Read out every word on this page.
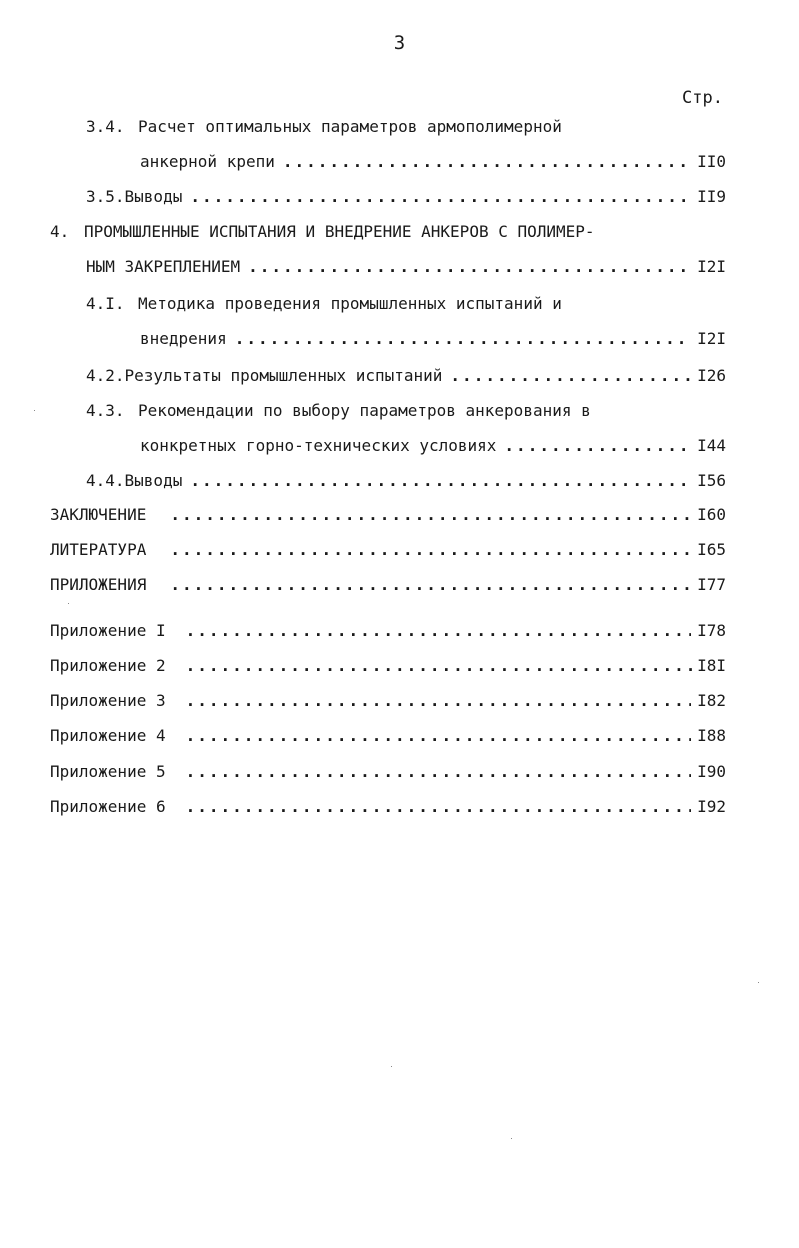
3
Стр.
3.4. Расчет оптимальных параметров армополимерной
анкерной крепи .....	II0
3.5. Выводы .....	II9
4. ПРОМЫШЛЕННЫЕ ИСПЫТАНИЯ И ВНЕДРЕНИЕ АНКЕРОВ С ПОЛИМЕР-
НЫМ ЗАКРЕПЛЕНИЕМ .....	I2I
4.I. Методика проведения промышленных испытаний и
внедрения .....	I2I
4.2. Результаты промышленных испытаний .....	I26
4.3. Рекомендации по выбору параметров анкерования в
конкретных горно-технических условиях .....	I44
4.4. Выводы .....	I56
ЗАКЛЮЧЕНИЕ .....	I60
ЛИТЕРАТУРА .....	I65
ПРИЛОЖЕНИЯ .....	I77
Приложение I .....	I78
Приложение 2 .....	I8I
Приложение 3 .....	I82
Приложение 4 .....	I88
Приложение 5 .....	I90
Приложение 6 .....	I92
